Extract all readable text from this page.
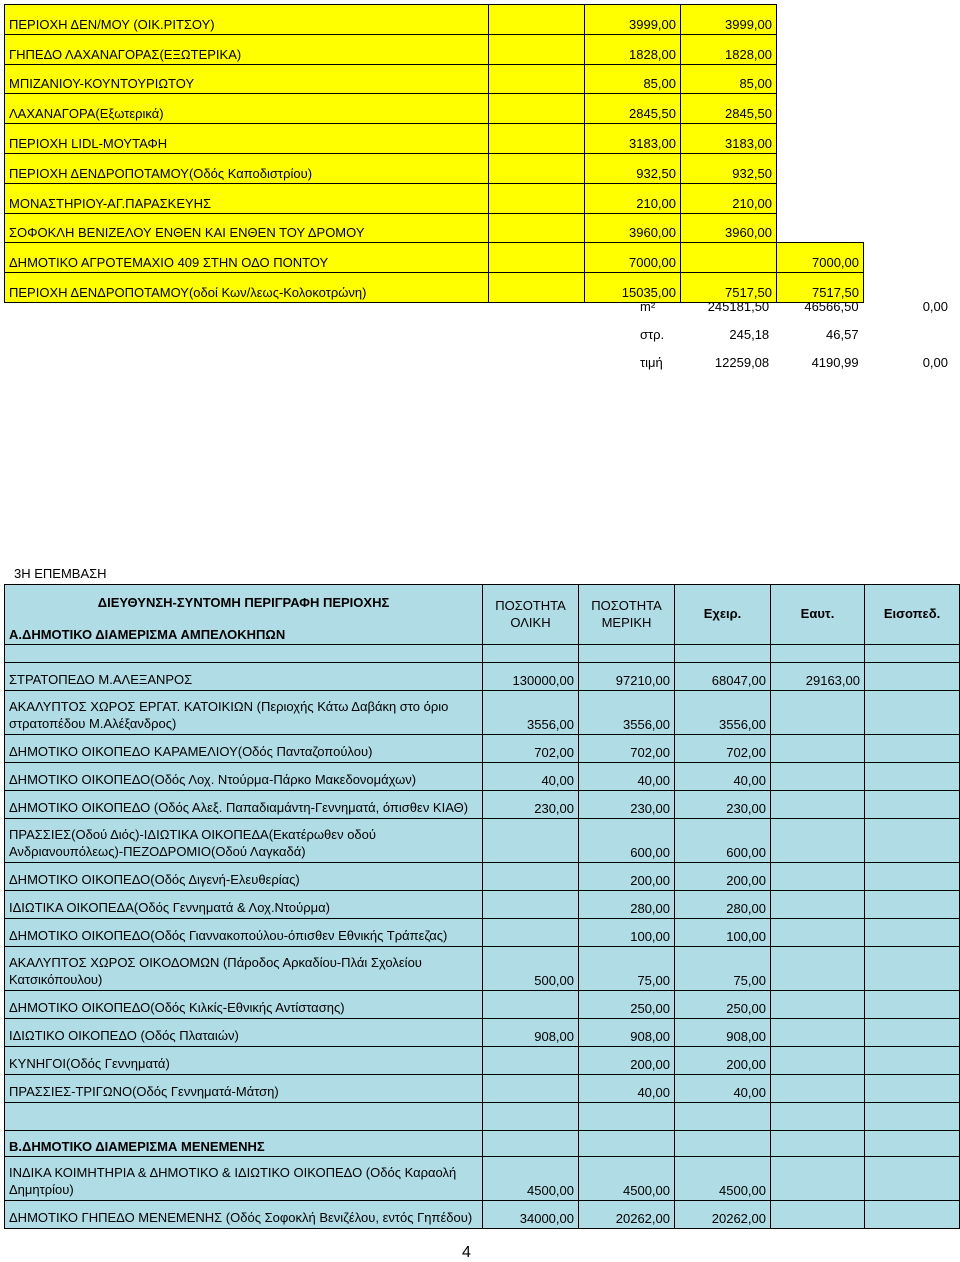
ΠΕΡΙΟΧΗ ΔΕΝ/ΜΟΥ (ΟΙΚ.ΡΙΤΣΟΥ)		3999,00	3999,00	
ΓΗΠΕΔΟ ΛΑΧΑΝΑΓΟΡΑΣ(ΕΞΩΤΕΡΙΚΑ)		1828,00	1828,00	
ΜΠΙΖΑΝΙΟΥ-ΚΟΥΝΤΟΥΡΙΩΤΟΥ		85,00	85,00	
ΛΑΧΑΝΑΓΟΡΑ(Εξωτερικά)		2845,50	2845,50	
ΠΕΡΙΟΧΗ LIDL-ΜΟΥΤΑΦΗ		3183,00	3183,00	
ΠΕΡΙΟΧΗ ΔΕΝΔΡΟΠΟΤΑΜΟΥ(Οδός Καποδιστρίου)		932,50	932,50	
ΜΟΝΑΣΤΗΡΙΟΥ-ΑΓ.ΠΑΡΑΣΚΕΥΗΣ		210,00	210,00	
ΣΟΦΟΚΛΗ ΒΕΝΙΖΕΛΟΥ ΕΝΘΕΝ ΚΑΙ ΕΝΘΕΝ ΤΟΥ ΔΡΟΜΟΥ		3960,00	3960,00	
ΔΗΜΟΤΙΚΟ ΑΓΡΟΤΕΜΑΧΙΟ 409 ΣΤΗΝ ΟΔΟ ΠΟΝΤΟΥ		7000,00		7000,00
ΠΕΡΙΟΧΗ ΔΕΝΔΡΟΠΟΤΑΜΟΥ(οδοί Κων/λεως-Κολοκοτρώνη)		15035,00	7517,50	7517,50
m²	245181,50	46566,50	0,00
στρ.	245,18	46,57
τιμή	12259,08	4190,99	0,00
3Η ΕΠΕΜΒΑΣΗ
ΔΙΕΥΘΥΝΣΗ-ΣΥΝΤΟΜΗ ΠΕΡΙΓΡΑΦΗ ΠΕΡΙΟΧΗΣ	ΠΟΣΟΤΗΤΑ ΟΛΙΚΗ	ΠΟΣΟΤΗΤΑ ΜΕΡΙΚΗ	Εχειρ.	Εαυτ.	Εισοπεδ.
Α.ΔΗΜΟΤΙΚΟ ΔΙΑΜΕΡΙΣΜΑ ΑΜΠΕΛΟΚΗΠΩΝ					

ΣΤΡΑΤΟΠΕΔΟ Μ.ΑΛΕΞΑΝΡΟΣ	130000,00	97210,00	68047,00	29163,00	
ΑΚΑΛΥΠΤΟΣ ΧΩΡΟΣ ΕΡΓΑΤ. ΚΑΤΟΙΚΙΩΝ (Περιοχής Κάτω Δαβάκη στο όριο στρατοπέδου Μ.Αλέξανδρος)	3556,00	3556,00	3556,00		
ΔΗΜΟΤΙΚΟ ΟΙΚΟΠΕΔΟ ΚΑΡΑΜΕΛΙΟΥ(Οδός Πανταζοπούλου)	702,00	702,00	702,00		
ΔΗΜΟΤΙΚΟ ΟΙΚΟΠΕΔΟ(Οδός Λοχ. Ντούρμα-Πάρκο Μακεδονομάχων)	40,00	40,00	40,00		
ΔΗΜΟΤΙΚΟ ΟΙΚΟΠΕΔΟ (Οδός Αλεξ. Παπαδιαμάντη-Γεννηματά, όπισθεν ΚΙΑΘ)	230,00	230,00	230,00		
ΠΡΑΣΣΙΕΣ(Οδού Διός)-ΙΔΙΩΤΙΚΑ ΟΙΚΟΠΕΔΑ(Εκατέρωθεν οδού Ανδριανουπόλεως)-ΠΕΖΟΔΡΟΜΙΟ(Οδού Λαγκαδά)		600,00	600,00		
ΔΗΜΟΤΙΚΟ ΟΙΚΟΠΕΔΟ(Οδός Διγενή-Ελευθερίας)		200,00	200,00		
ΙΔΙΩΤΙΚΑ ΟΙΚΟΠΕΔΑ(Οδός Γεννηματά & Λοχ.Ντούρμα)		280,00	280,00		
ΔΗΜΟΤΙΚΟ ΟΙΚΟΠΕΔΟ(Οδός Γιαννακοπούλου-όπισθεν Εθνικής Τράπεζας)		100,00	100,00		
ΑΚΑΛΥΠΤΟΣ ΧΩΡΟΣ ΟΙΚΟΔΟΜΩΝ (Πάροδος Αρκαδίου-Πλάι Σχολείου Κατσικόπουλου)	500,00	75,00	75,00		
ΔΗΜΟΤΙΚΟ ΟΙΚΟΠΕΔΟ(Οδός Κιλκίς-Εθνικής Αντίστασης)		250,00	250,00		
ΙΔΙΩΤΙΚΟ ΟΙΚΟΠΕΔΟ (Οδός Πλαταιών)	908,00	908,00	908,00		
ΚΥΝΗΓΟΙ(Οδός Γεννηματά)		200,00	200,00		
ΠΡΑΣΣΙΕΣ-ΤΡΙΓΩΝΟ(Οδός Γεννηματά-Μάτση)		40,00	40,00		

Β.ΔΗΜΟΤΙΚΟ ΔΙΑΜΕΡΙΣΜΑ ΜΕΝΕΜΕΝΗΣ					
ΙΝΔΙΚΑ ΚΟΙΜΗΤΗΡΙΑ & ΔΗΜΟΤΙΚΟ & ΙΔΙΩΤΙΚΟ ΟΙΚΟΠΕΔΟ (Οδός Καραολή Δημητρίου)	4500,00	4500,00	4500,00		
ΔΗΜΟΤΙΚΟ ΓΗΠΕΔΟ ΜΕΝΕΜΕΝΗΣ (Οδός Σοφοκλή Βενιζέλου, εντός Γηπέδου)	34000,00	20262,00	20262,00		
4
